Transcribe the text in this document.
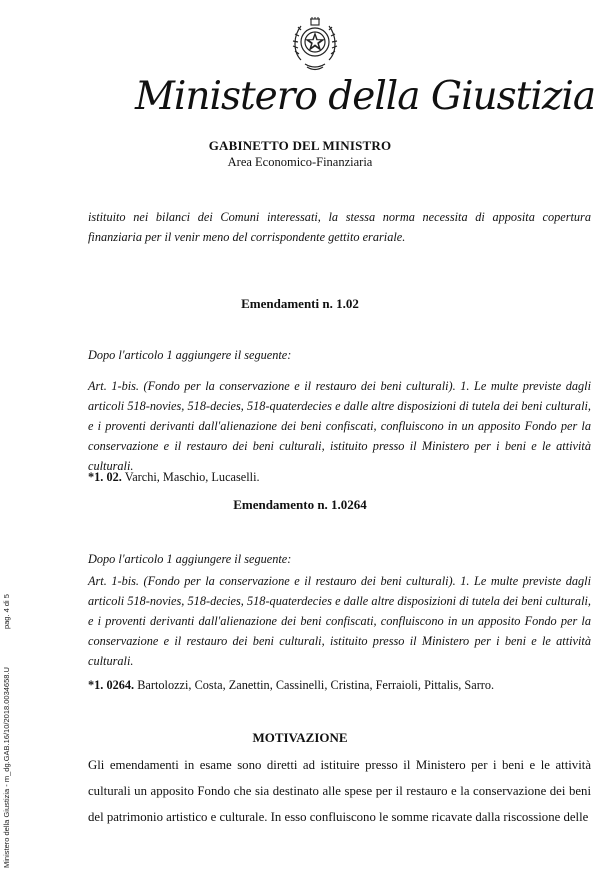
Ministero della Giustizia
GABINETTO DEL MINISTRO
Area Economico-Finanziaria
istituito nei bilanci dei Comuni interessati, la stessa norma necessita di apposita copertura finanziaria per il venir meno del corrispondente gettito erariale.
Emendamenti n. 1.02
Dopo l'articolo 1 aggiungere il seguente:
Art. 1-bis. (Fondo per la conservazione e il restauro dei beni culturali). 1. Le multe previste dagli articoli 518-novies, 518-decies, 518-quaterdecies e dalle altre disposizioni di tutela dei beni culturali, e i proventi derivanti dall'alienazione dei beni confiscati, confluiscono in un apposito Fondo per la conservazione e il restauro dei beni culturali, istituito presso il Ministero per i beni e le attività culturali.
*1. 02. Varchi, Maschio, Lucaselli.
Emendamento n. 1.0264
Dopo l'articolo 1 aggiungere il seguente:
Art. 1-bis. (Fondo per la conservazione e il restauro dei beni culturali). 1. Le multe previste dagli articoli 518-novies, 518-decies, 518-quaterdecies e dalle altre disposizioni di tutela dei beni culturali, e i proventi derivanti dall'alienazione dei beni confiscati, confluiscono in un apposito Fondo per la conservazione e il restauro dei beni culturali, istituito presso il Ministero per i beni e le attività culturali.
*1. 0264. Bartolozzi, Costa, Zanettin, Cassinelli, Cristina, Ferraioli, Pittalis, Sarro.
MOTIVAZIONE
Gli emendamenti in esame sono diretti ad istituire presso il Ministero per i beni e le attività culturali un apposito Fondo che sia destinato alle spese per il restauro e la conservazione dei beni del patrimonio artistico e culturale. In esso confluiscono le somme ricavate dalla riscossione delle
Ministero della Giustizia - m_dg.GAB.16/10/2018.0034658.Upag. 4 di 5
